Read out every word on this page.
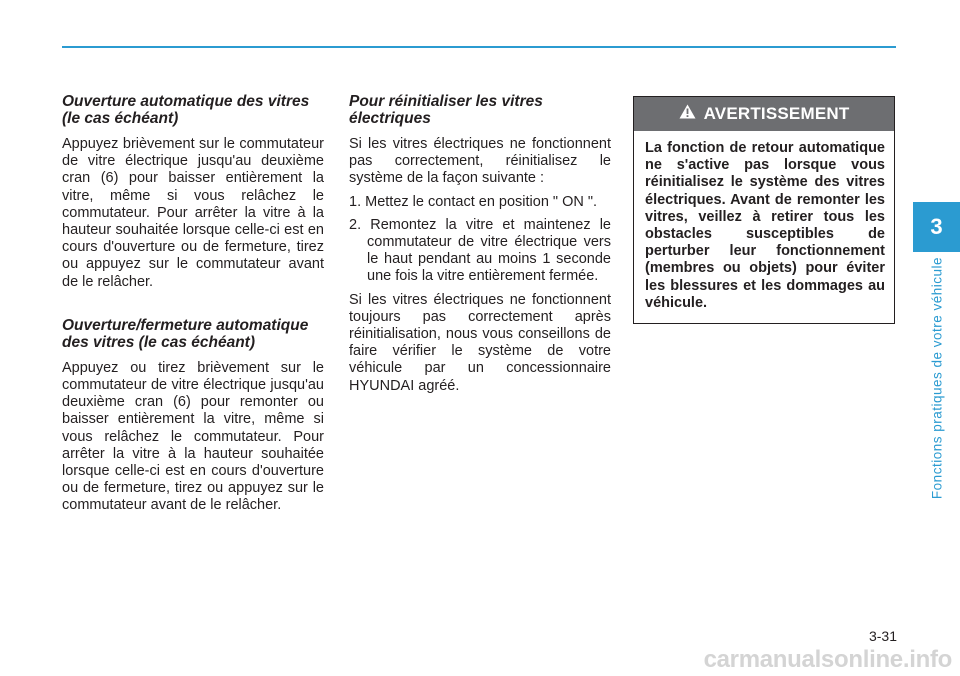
Ouverture automatique des vitres (le cas échéant)

Appuyez brièvement sur le commutateur de vitre électrique jusqu'au deuxième cran (6) pour baisser entièrement la vitre, même si vous relâchez le commutateur. Pour arrêter la vitre à la hauteur souhaitée lorsque celle-ci est en cours d'ouverture ou de fermeture, tirez ou appuyez sur le commutateur avant de le relâcher.

Ouverture/fermeture automatique des vitres (le cas échéant)

Appuyez ou tirez brièvement sur le commutateur de vitre électrique jusqu'au deuxième cran (6) pour remonter ou baisser entièrement la vitre, même si vous relâchez le commutateur. Pour arrêter la vitre à la hauteur souhaitée lorsque celle-ci est en cours d'ouverture ou de fermeture, tirez ou appuyez sur le commutateur avant de le relâcher.

Pour réinitialiser les vitres électriques

Si les vitres électriques ne fonctionnent pas correctement, réinitialisez le système de la façon suivante :

1. Mettez le contact en position " ON ".
2. Remontez la vitre et maintenez le commutateur de vitre électrique vers le haut pendant au moins 1 seconde une fois la vitre entièrement fermée.

Si les vitres électriques ne fonctionnent toujours pas correctement après réinitialisation, nous vous conseillons de faire vérifier le système de votre véhicule par un concessionnaire HYUNDAI agréé.

AVERTISSEMENT
La fonction de retour automatique ne s'active pas lorsque vous réinitialisez le système des vitres électriques. Avant de remonter les vitres, veillez à retirer tous les obstacles susceptibles de perturber leur fonctionnement (membres ou objets) pour éviter les blessures et les dommages au véhicule.
3
Fonctions pratiques de votre véhicule
3-31
carmanualsonline.info
